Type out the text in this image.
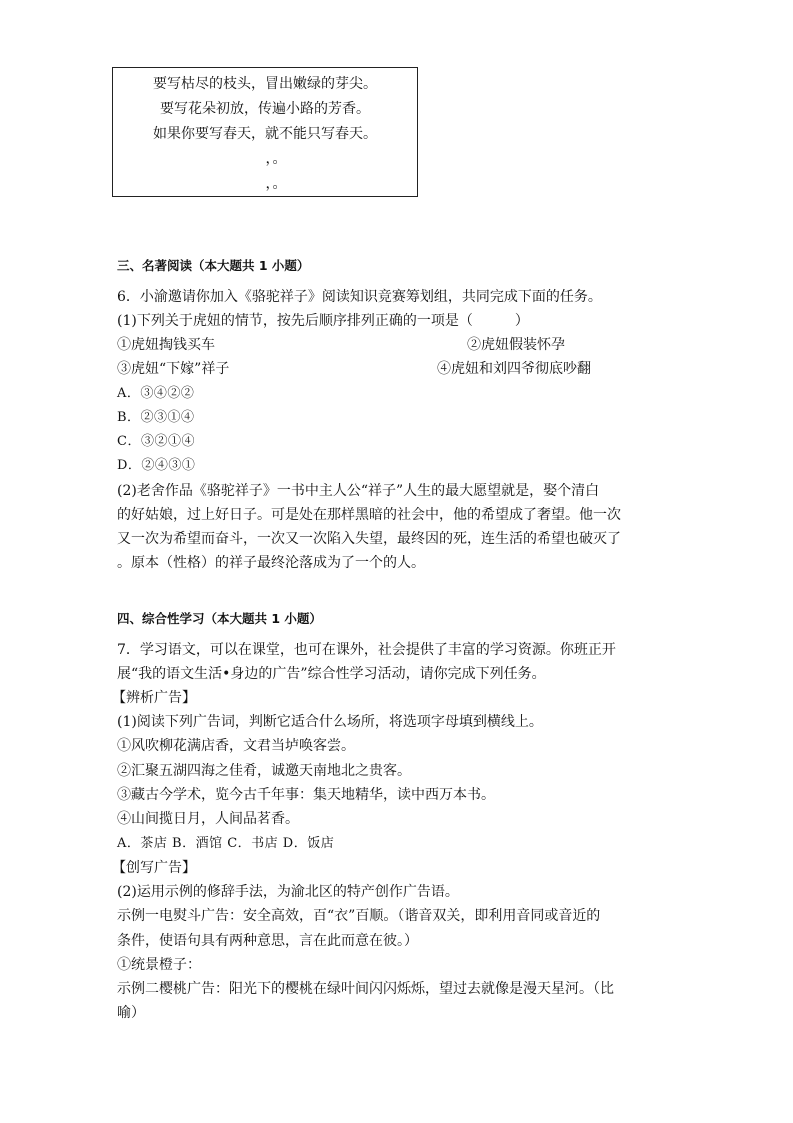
要写枯尽的枝头，冒出嫩绿的芽尖。
要写花朵初放，传遍小路的芳香。
如果你要写春天，就不能只写春天。
，。
，。
三、名著阅读（本大题共 1 小题）
6．小渝邀请你加入《骆驼祥子》阅读知识竞赛筹划组，共同完成下面的任务。
(1)下列关于虎妞的情节，按先后顺序排列正确的一项是（　　　）
①虎妞掏钱买车	②虎妞假装怀孕
③虎妞“下嫁”祥子	④虎妞和刘四爷彻底吵翻
A．③④②②
B．②③①④
C．③②①④
D．②④③①
(2)老舍作品《骆驼祥子》一书中主人公“祥子”人生的最大愿望就是，娶个清白
的好姑娘，过上好日子。可是处在那样黑暗的社会中，他的希望成了奢望。他一次
又一次为希望而奋斗，一次又一次陷入失望，最终因的死，连生活的希望也破灭了
。原本（性格）的祥子最终沦落成为了一个的人。
四、综合性学习（本大题共 1 小题）
7．学习语文，可以在课堂，也可在课外，社会提供了丰富的学习资源。你班正开
展“我的语文生活•身边的广告”综合性学习活动，请你完成下列任务。
【辨析广告】
(1)阅读下列广告词，判断它适合什么场所，将选项字母填到横线上。
①风吹柳花满店香，文君当垆唤客尝。
②汇聚五湖四海之佳肴，诚邀天南地北之贵客。
③藏古今学术，览今古千年事：集天地精华，读中西万本书。
④山间揽日月，人间品茗香。
A．茶店 B．酒馆 C．书店 D．饭店
【创写广告】
(2)运用示例的修辞手法，为渝北区的特产创作广告语。
示例一电熨斗广告：安全高效，百“衣”百顺。（谐音双关，即利用音同或音近的
条件，使语句具有两种意思，言在此而意在彼。）
①统景橙子：
示例二樱桃广告：阳光下的樱桃在绿叶间闪闪烁烁，望过去就像是漫天星河。（比
喻）
